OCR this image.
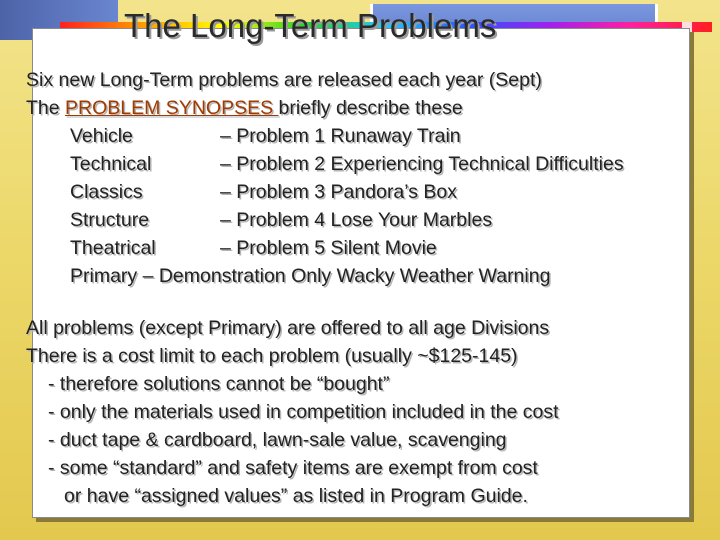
The Long-Term Problems
Six new Long-Term problems are released each year (Sept)
The PROBLEM SYNOPSES briefly describe these
Vehicle	– Problem 1 Runaway Train
Technical	– Problem 2 Experiencing Technical Difficulties
Classics	– Problem 3 Pandora’s Box
Structure	– Problem 4 Lose Your Marbles
Theatrical	– Problem 5 Silent Movie
Primary – Demonstration Only Wacky Weather Warning
All problems (except Primary) are offered to all age Divisions
There is a cost limit to each problem (usually ~$125-145)
- therefore solutions cannot be “bought”
- only the materials used in competition included in the cost
- duct tape & cardboard, lawn-sale value, scavenging
- some “standard” and safety items are exempt from cost
or have “assigned values” as listed in Program Guide.
